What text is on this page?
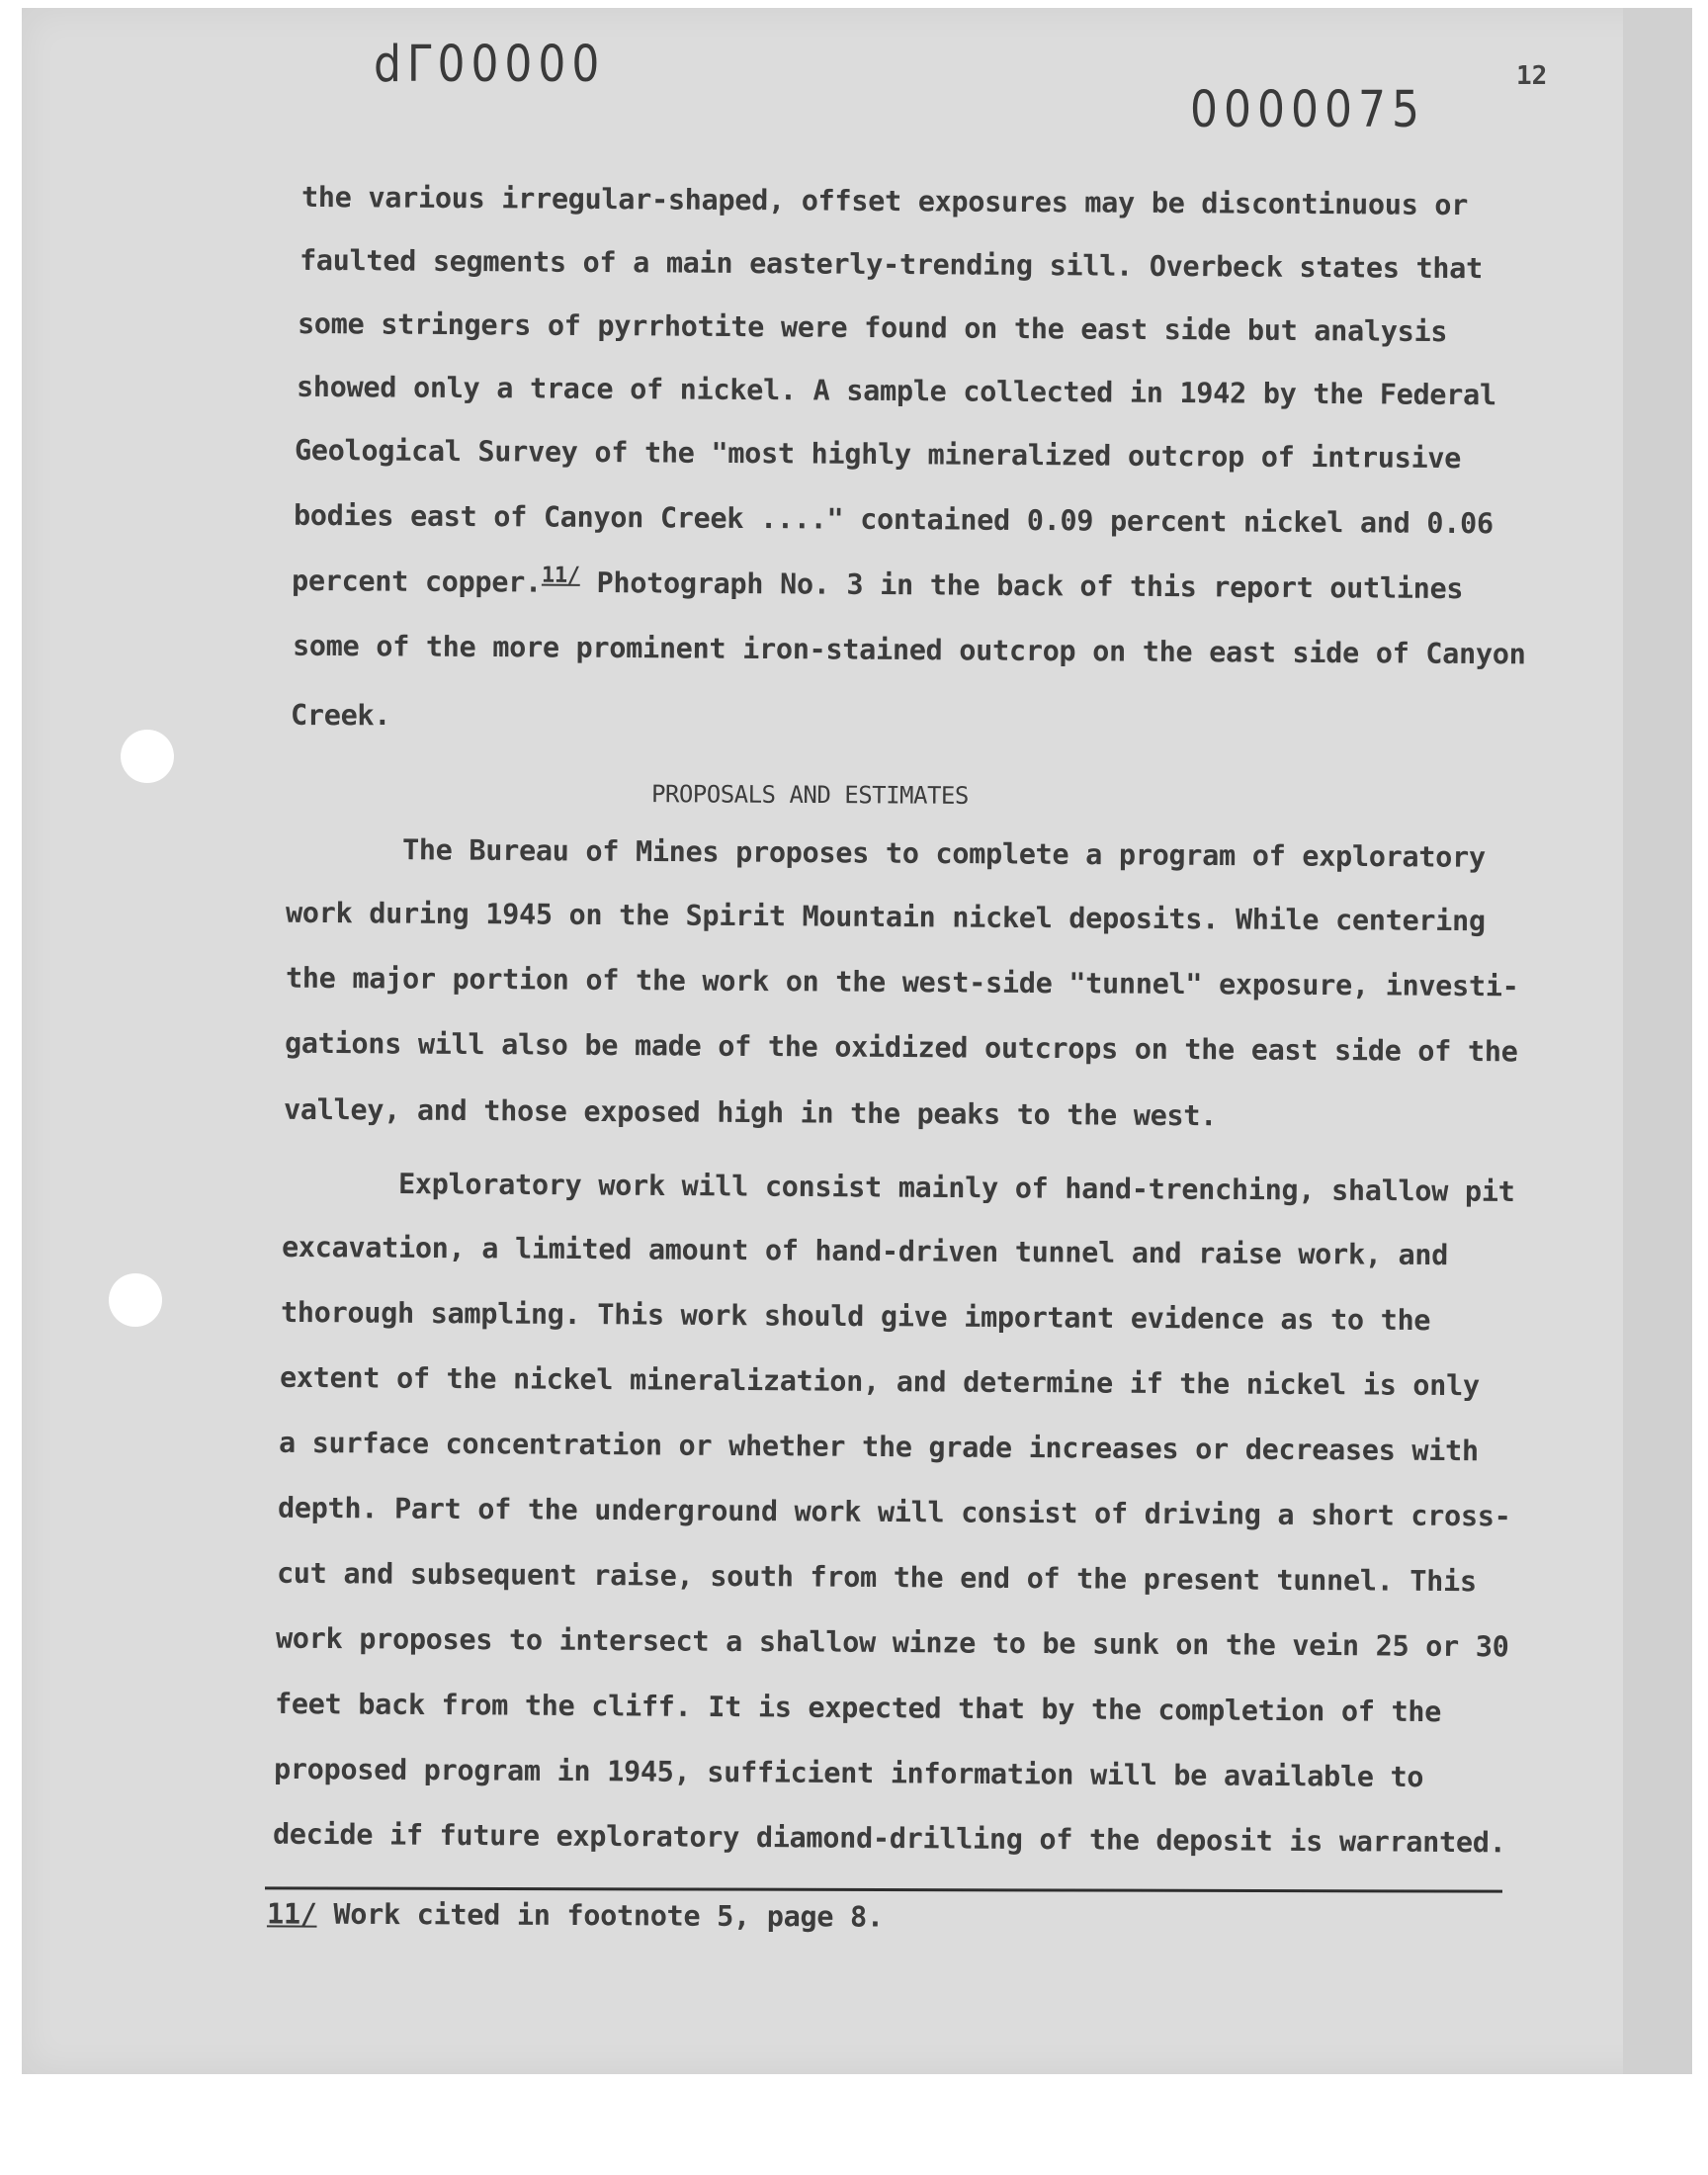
dΓ00000
0000075
12
the various irregular-shaped, offset exposures may be discontinuous or
faulted segments of a main easterly-trending sill. Overbeck states that
some stringers of pyrrhotite were found on the east side but analysis
showed only a trace of nickel. A sample collected in 1942 by the Federal
Geological Survey of the "most highly mineralized outcrop of intrusive
bodies east of Canyon Creek ...." contained 0.09 percent nickel and 0.06
percent copper.$^{11/}$ Photograph No. 3 in the back of this report outlines
some of the more prominent iron-stained outcrop on the east side of Canyon
Creek.
PROPOSALS AND ESTIMATES
The Bureau of Mines proposes to complete a program of exploratory
work during 1945 on the Spirit Mountain nickel deposits. While centering
the major portion of the work on the west-side "tunnel" exposure, investi-
gations will also be made of the oxidized outcrops on the east side of the
valley, and those exposed high in the peaks to the west.
Exploratory work will consist mainly of hand-trenching, shallow pit
excavation, a limited amount of hand-driven tunnel and raise work, and
thorough sampling. This work should give important evidence as to the
extent of the nickel mineralization, and determine if the nickel is only
a surface concentration or whether the grade increases or decreases with
depth. Part of the underground work will consist of driving a short cross-
cut and subsequent raise, south from the end of the present tunnel. This
work proposes to intersect a shallow winze to be sunk on the vein 25 or 30
feet back from the cliff. It is expected that by the completion of the
proposed program in 1945, sufficient information will be available to
decide if future exploratory diamond-drilling of the deposit is warranted.
11/ Work cited in footnote 5, page 8.
